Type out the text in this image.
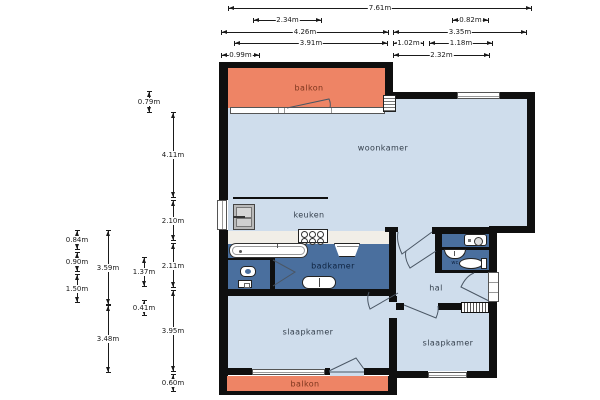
balkon
woonkamer
keuken
badkamer	wc
hal
slaapkamer
slaapkamer
balkon
7.61m
2.34m	0.82m
4.26m	3.35m
3.91m	1.02m	1.18m
0.99m	2.32m
0.79m
4.11m
2.10m
2.11m
3.95m
0.60m
3.59m
3.48m
0.84m
0.90m
1.50m
1.37m
0.41m
